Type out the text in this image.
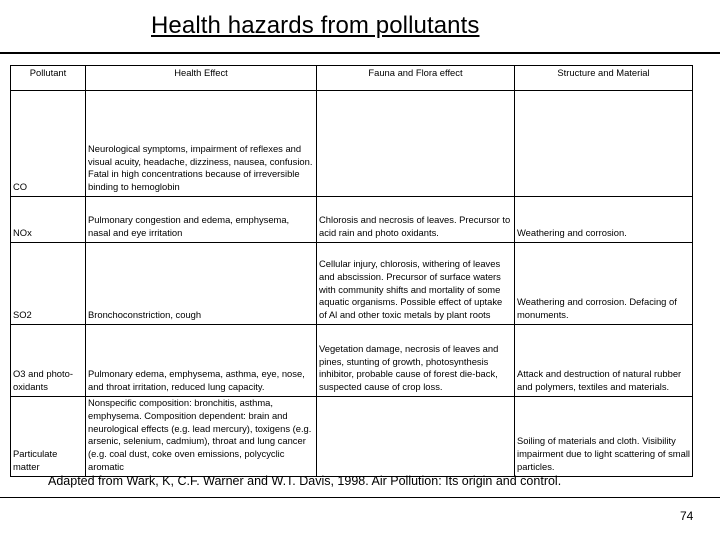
Health hazards from pollutants
Pollutant	Health Effect	Fauna and Flora effect	Structure and Material
CO	Neurological symptoms, impairment of reflexes and visual acuity, headache, dizziness, nausea, confusion. Fatal in high concentrations because of irreversible binding to hemoglobin		
NOx	Pulmonary congestion and edema, emphysema, nasal and eye irritation	Chlorosis and necrosis of leaves. Precursor to acid rain and photo oxidants.	Weathering and corrosion.
SO2	Bronchoconstriction, cough	Cellular injury, chlorosis, withering of leaves and abscission. Precursor of surface waters with community shifts and mortality of some aquatic organisms. Possible effect of uptake of Al and other toxic metals by plant roots	Weathering and corrosion. Defacing of monuments.
O3 and photo-oxidants	Pulmonary edema, emphysema, asthma, eye, nose, and throat irritation, reduced lung capacity.	Vegetation damage, necrosis of leaves and pines, stunting of growth, photosynthesis inhibitor, probable cause of forest die-back, suspected cause of crop loss.	Attack and destruction of natural rubber and polymers, textiles and materials.
Particulate matter	Nonspecific composition: bronchitis, asthma, emphysema. Composition dependent: brain and neurological effects (e.g. lead mercury), toxigens (e.g. arsenic, selenium, cadmium), throat and lung cancer (e.g. coal dust, coke oven emissions, polycyclic aromatic		Soiling of materials and cloth. Visibility impairment due to light scattering of small particles.
Adapted from Wark, K, C.F. Warner and W.T. Davis, 1998. Air Pollution: Its origin and control.
74
